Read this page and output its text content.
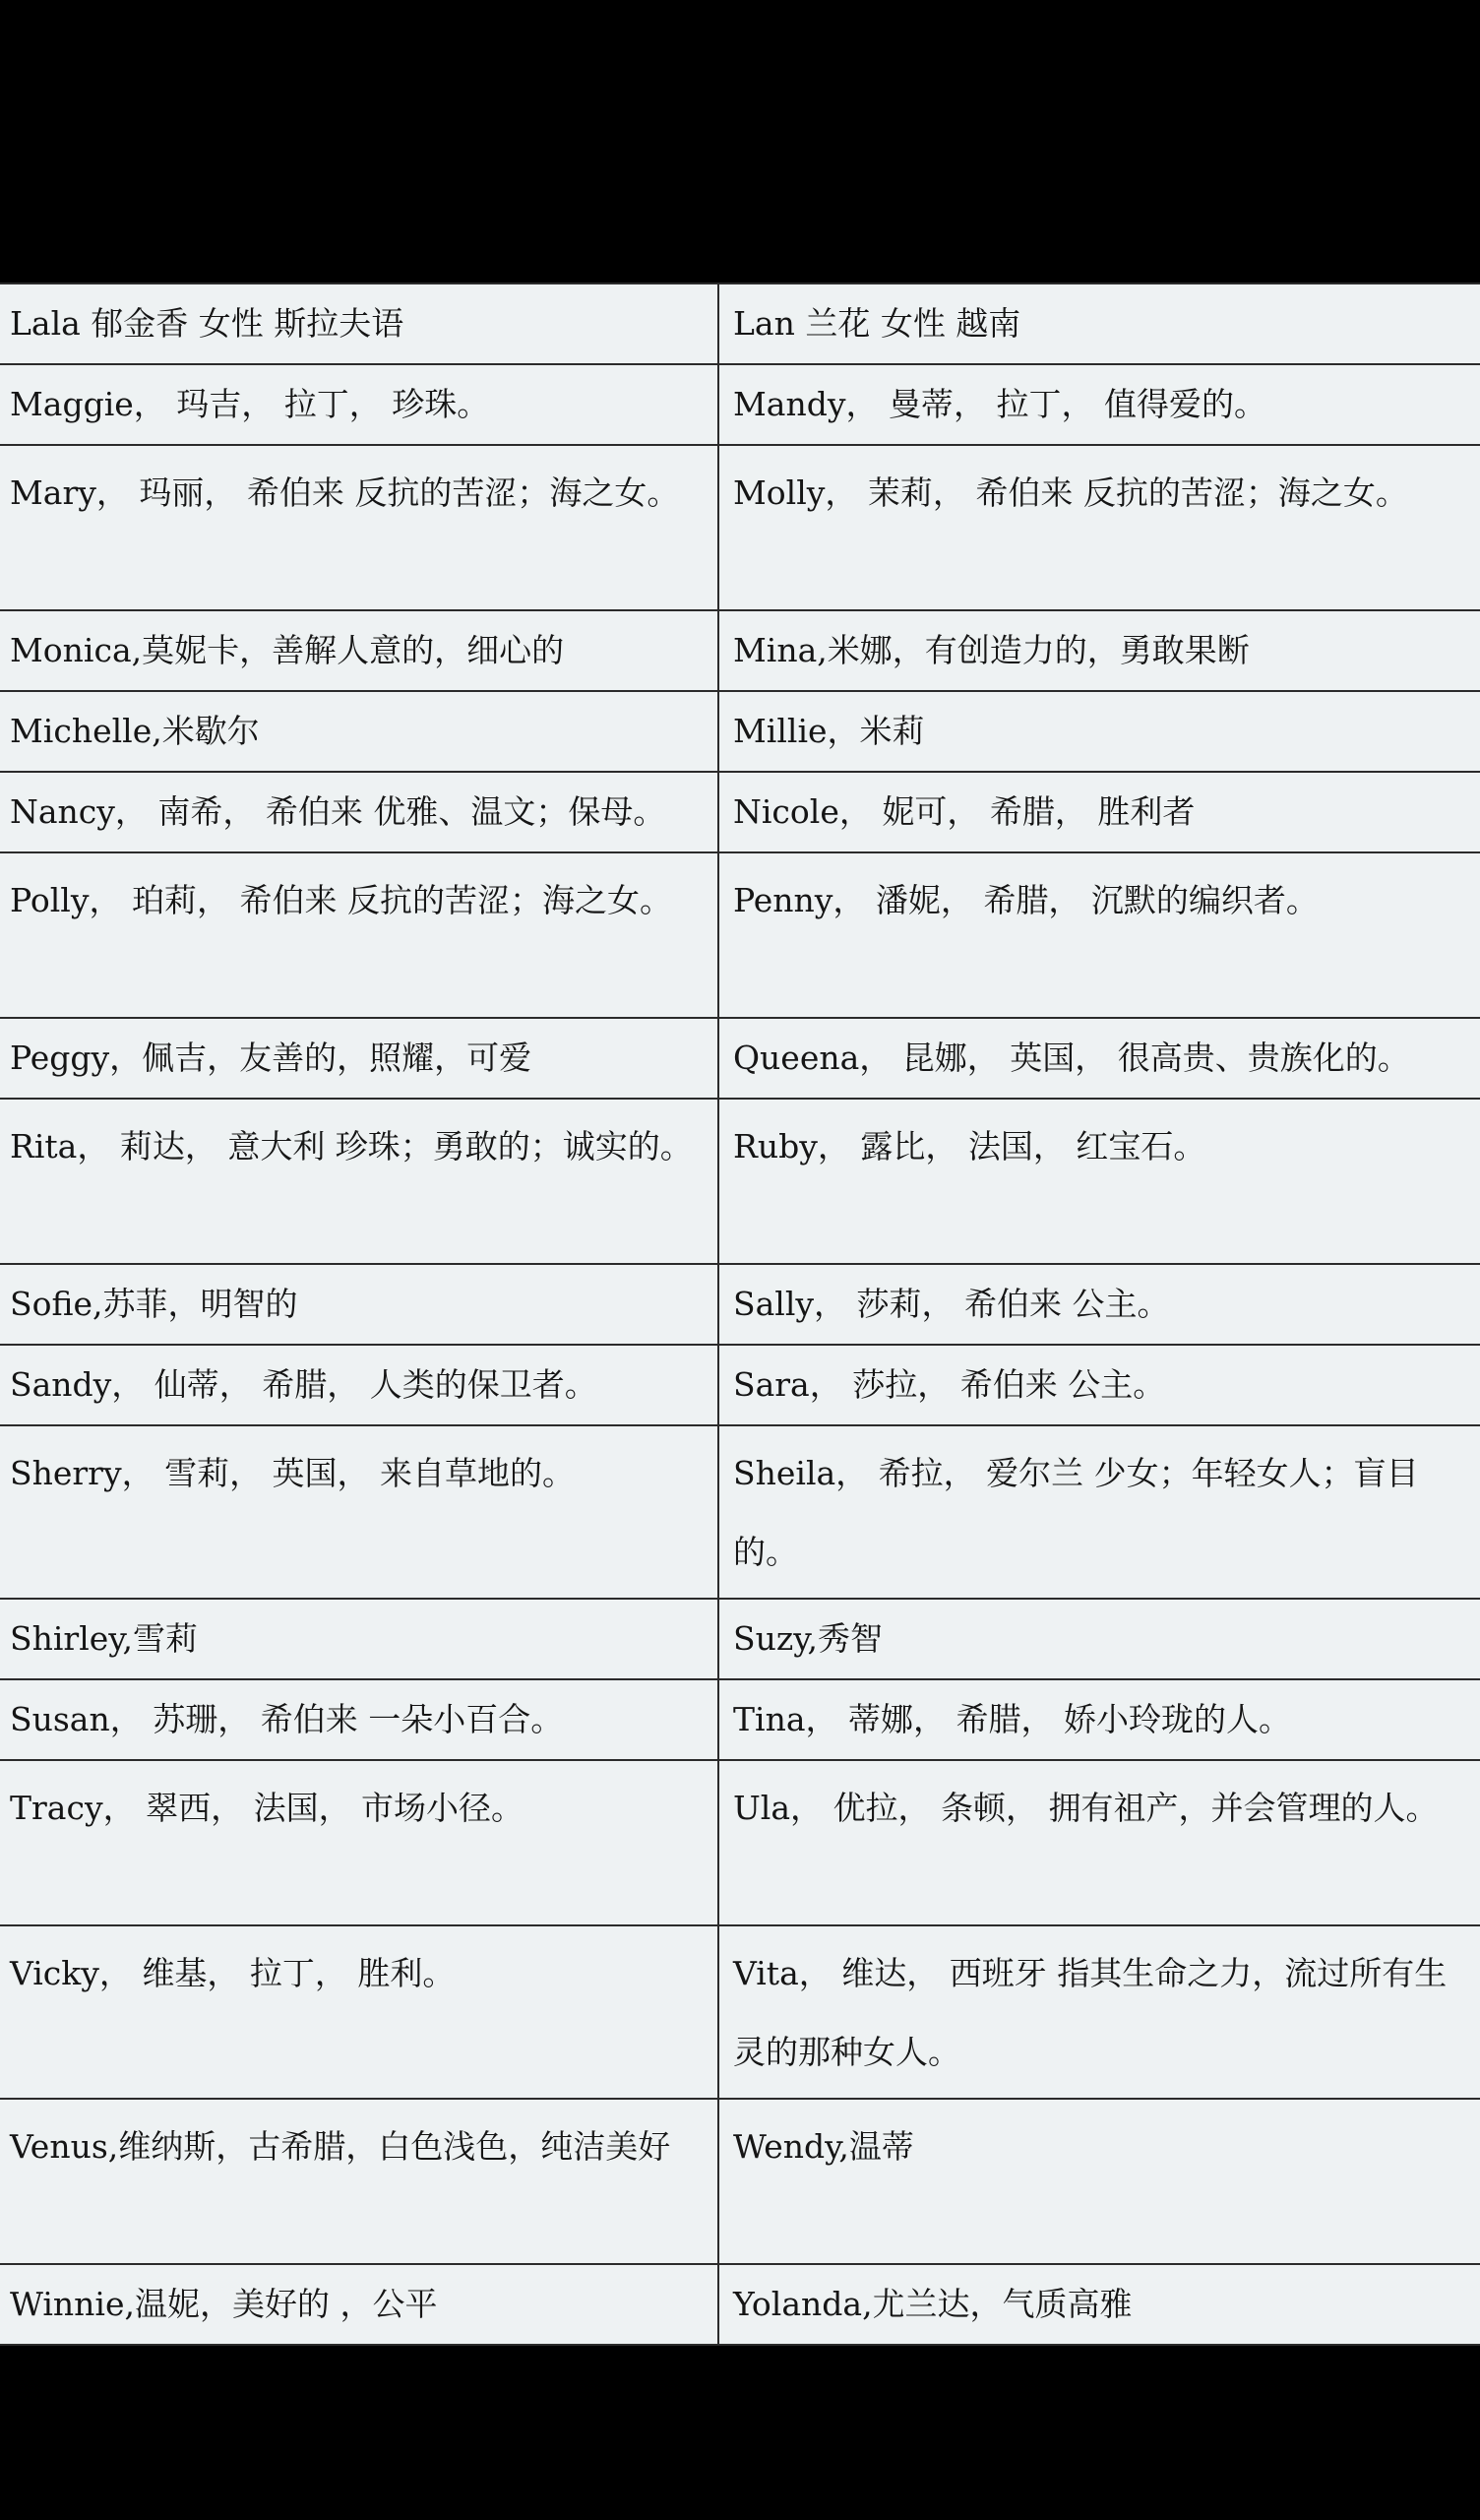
Lala 郁金香 女性 斯拉夫语	Lan 兰花 女性 越南
Maggie， 玛吉， 拉丁， 珍珠。	Mandy， 曼蒂， 拉丁， 值得爱的。
Mary， 玛丽， 希伯来 反抗的苦涩；海之女。	Molly， 茉莉， 希伯来 反抗的苦涩；海之女。
Monica,莫妮卡，善解人意的，细心的	Mina,米娜，有创造力的，勇敢果断
Michelle,米歇尔	Millie，米莉
Nancy， 南希， 希伯来 优雅、温文；保母。	Nicole， 妮可， 希腊， 胜利者
Polly， 珀莉， 希伯来 反抗的苦涩；海之女。	Penny， 潘妮， 希腊， 沉默的编织者。
Peggy，佩吉，友善的，照耀，可爱	Queena， 昆娜， 英国， 很高贵、贵族化的。
Rita， 莉达， 意大利 珍珠；勇敢的；诚实的。	Ruby， 露比， 法国， 红宝石。
Sofie,苏菲，明智的	Sally， 莎莉， 希伯来 公主。
Sandy， 仙蒂， 希腊， 人类的保卫者。	Sara， 莎拉， 希伯来 公主。
Sherry， 雪莉， 英国， 来自草地的。	Sheila， 希拉， 爱尔兰 少女；年轻女人；盲目的。
Shirley,雪莉	Suzy,秀智
Susan， 苏珊， 希伯来 一朵小百合。	Tina， 蒂娜， 希腊， 娇小玲珑的人。
Tracy， 翠西， 法国， 市场小径。	Ula， 优拉， 条顿， 拥有祖产，并会管理的人。
Vicky， 维基， 拉丁， 胜利。	Vita， 维达， 西班牙 指其生命之力，流过所有生灵的那种女人。
Venus,维纳斯，古希腊，白色浅色，纯洁美好	Wendy,温蒂
Winnie,温妮，美好的 ，公平	Yolanda,尤兰达，气质高雅
